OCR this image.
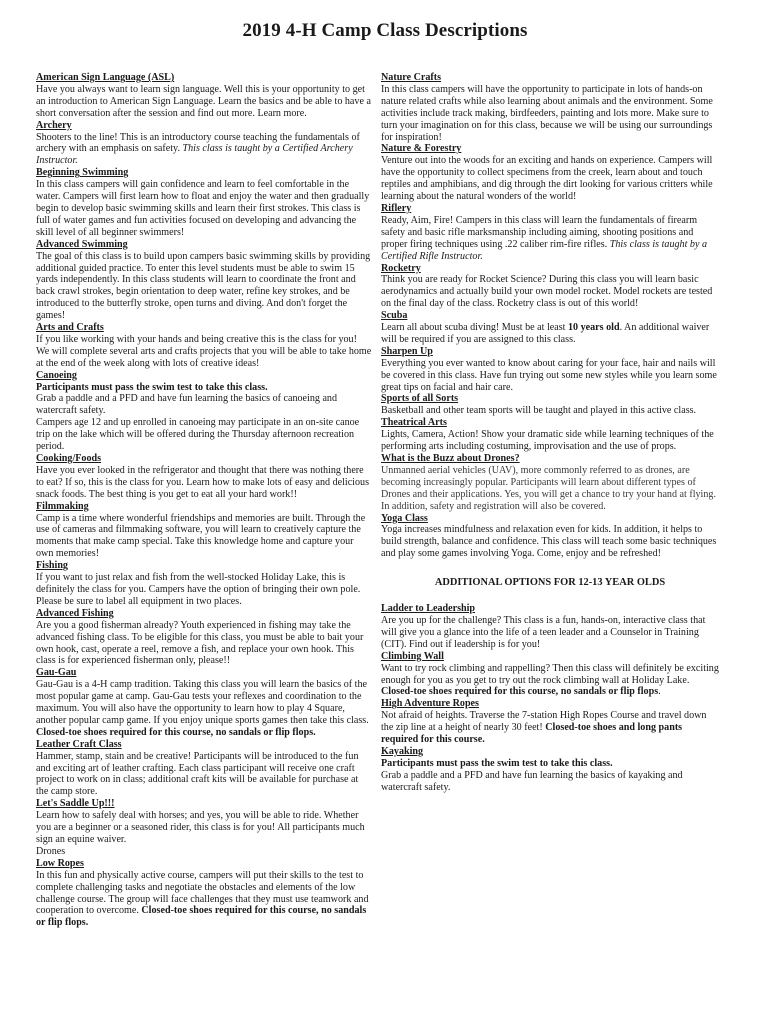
2019 4-H Camp Class Descriptions
American Sign Language (ASL)
Have you always want to learn sign language. Well this is your opportunity to get an introduction to American Sign Language. Learn the basics and be able to have a short conversation after the session and find out more. Learn more.
Archery
Shooters to the line! This is an introductory course teaching the fundamentals of archery with an emphasis on safety. This class is taught by a Certified Archery Instructor.
Beginning Swimming
In this class campers will gain confidence and learn to feel comfortable in the water. Campers will first learn how to float and enjoy the water and then gradually begin to develop basic swimming skills and learn their first strokes. This class is full of water games and fun activities focused on developing and advancing the skill level of all beginner swimmers!
Advanced Swimming
The goal of this class is to build upon campers basic swimming skills by providing additional guided practice. To enter this level students must be able to swim 15 yards independently. In this class students will learn to coordinate the front and back crawl strokes, begin orientation to deep water, refine key strokes, and be introduced to the butterfly stroke, open turns and diving. And don't forget the games!
Arts and Crafts
If you like working with your hands and being creative this is the class for you! We will complete several arts and crafts projects that you will be able to take home at the end of the week along with lots of creative ideas!
Canoeing
Participants must pass the swim test to take this class.
Grab a paddle and a PFD and have fun learning the basics of canoeing and watercraft safety.
Campers age 12 and up enrolled in canoeing may participate in an on-site canoe trip on the lake which will be offered during the Thursday afternoon recreation period.
Cooking/Foods
Have you ever looked in the refrigerator and thought that there was nothing there to eat? If so, this is the class for you. Learn how to make lots of easy and delicious snack foods. The best thing is you get to eat all your hard work!!
Filmmaking
Camp is a time where wonderful friendships and memories are built. Through the use of cameras and filmmaking software, you will learn to creatively capture the moments that make camp special. Take this knowledge home and capture your own memories!
Fishing
If you want to just relax and fish from the well-stocked Holiday Lake, this is definitely the class for you. Campers have the option of bringing their own pole. Please be sure to label all equipment in two places.
Advanced Fishing
Are you a good fisherman already? Youth experienced in fishing may take the advanced fishing class. To be eligible for this class, you must be able to bait your own hook, cast, operate a reel, remove a fish, and replace your own hook. This class is for experienced fisherman only, please!!
Gau-Gau
Gau-Gau is a 4-H camp tradition. Taking this class you will learn the basics of the most popular game at camp. Gau-Gau tests your reflexes and coordination to the maximum. You will also have the opportunity to learn how to play 4 Square, another popular camp game. If you enjoy unique sports games then take this class. Closed-toe shoes required for this course, no sandals or flip flops.
Leather Craft Class
Hammer, stamp, stain and be creative! Participants will be introduced to the fun and exciting art of leather crafting. Each class participant will receive one craft project to work on in class; additional craft kits will be available for purchase at the camp store.
Let's Saddle Up!!!
Learn how to safely deal with horses; and yes, you will be able to ride. Whether you are a beginner or a seasoned rider, this class is for you! All participants much sign an equine waiver.
Drones
Low Ropes
In this fun and physically active course, campers will put their skills to the test to complete challenging tasks and negotiate the obstacles and elements of the low challenge course. The group will face challenges that they must use teamwork and cooperation to overcome. Closed-toe shoes required for this course, no sandals or flip flops.
Nature Crafts
In this class campers will have the opportunity to participate in lots of hands-on nature related crafts while also learning about animals and the environment. Some activities include track making, birdfeeders, painting and lots more. Make sure to turn your imagination on for this class, because we will be using our surroundings for inspiration!
Nature & Forestry
Venture out into the woods for an exciting and hands on experience. Campers will have the opportunity to collect specimens from the creek, learn about and touch reptiles and amphibians, and dig through the dirt looking for various critters while learning about the natural wonders of the world!
Riflery
Ready, Aim, Fire! Campers in this class will learn the fundamentals of firearm safety and basic rifle marksmanship including aiming, shooting positions and proper firing techniques using .22 caliber rim-fire rifles. This class is taught by a Certified Rifle Instructor.
Rocketry
Think you are ready for Rocket Science? During this class you will learn basic aerodynamics and actually build your own model rocket. Model rockets are tested on the final day of the class. Rocketry class is out of this world!
Scuba
Learn all about scuba diving! Must be at least 10 years old. An additional waiver will be required if you are assigned to this class.
Sharpen Up
Everything you ever wanted to know about caring for your face, hair and nails will be covered in this class. Have fun trying out some new styles while you learn some great tips on facial and hair care.
Sports of all Sorts
Basketball and other team sports will be taught and played in this active class.
Theatrical Arts
Lights, Camera, Action! Show your dramatic side while learning techniques of the performing arts including costuming, improvisation and the use of props.
What is the Buzz about Drones?
Unmanned aerial vehicles (UAV), more commonly referred to as drones, are becoming increasingly popular. Participants will learn about different types of Drones and their applications. Yes, you will get a chance to try your hand at flying. In addition, safety and registration will also be covered.
Yoga Class
Yoga increases mindfulness and relaxation even for kids. In addition, it helps to build strength, balance and confidence. This class will teach some basic techniques and play some games involving Yoga. Come, enjoy and be refreshed!
ADDITIONAL OPTIONS FOR 12-13 YEAR OLDS
Ladder to Leadership
Are you up for the challenge? This class is a fun, hands-on, interactive class that will give you a glance into the life of a teen leader and a Counselor in Training (CIT). Find out if leadership is for you!
Climbing Wall
Want to try rock climbing and rappelling? Then this class will definitely be exciting enough for you as you get to try out the rock climbing wall at Holiday Lake. Closed-toe shoes required for this course, no sandals or flip flops.
High Adventure Ropes
Not afraid of heights. Traverse the 7-station High Ropes Course and travel down the zip line at a height of nearly 30 feet! Closed-toe shoes and long pants required for this course.
Kayaking
Participants must pass the swim test to take this class.
Grab a paddle and a PFD and have fun learning the basics of kayaking and watercraft safety.
